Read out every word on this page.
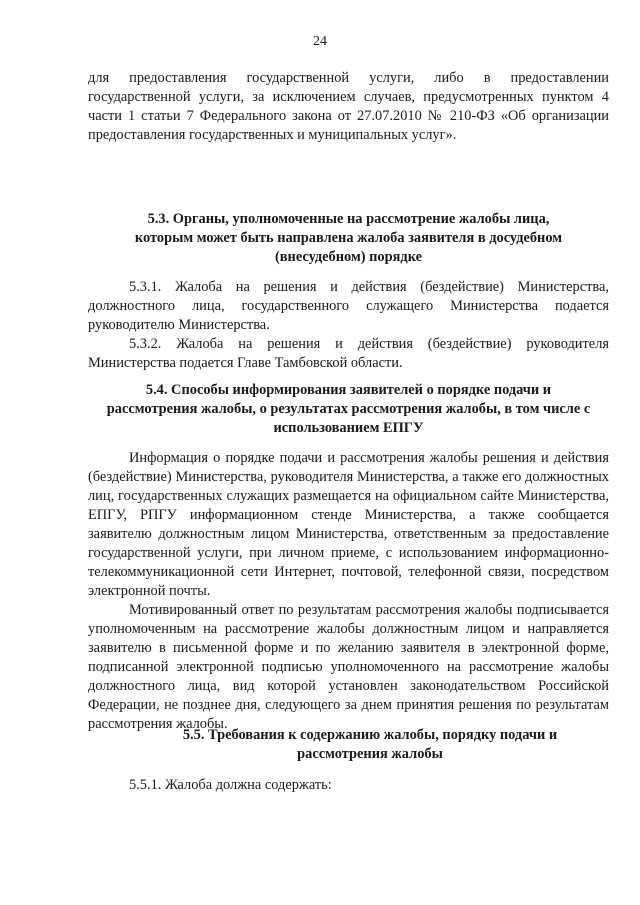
24

для предоставления государственной услуги, либо в предоставлении государственной услуги, за исключением случаев, предусмотренных пунктом 4 части 1 статьи 7 Федерального закона от 27.07.2010 № 210-ФЗ «Об организации предоставления государственных и муниципальных услуг».

5.3. Органы, уполномоченные на рассмотрение жалобы лица,
которым может быть направлена жалоба заявителя в досудебном
(внесудебном) порядке

5.3.1. Жалоба на решения и действия (бездействие) Министерства, должностного лица, государственного служащего Министерства подается руководителю Министерства.

5.3.2. Жалоба на решения и действия (бездействие) руководителя Министерства подается Главе Тамбовской области.

5.4. Способы информирования заявителей о порядке подачи и
рассмотрения жалобы, о результатах рассмотрения жалобы, в том числе с
использованием ЕПГУ

Информация о порядке подачи и рассмотрения жалобы решения и действия (бездействие) Министерства, руководителя Министерства, а также его должностных лиц, государственных служащих размещается на официальном сайте Министерства, ЕПГУ, РПГУ информационном стенде Министерства, а также сообщается заявителю должностным лицом Министерства, ответственным за предоставление государственной услуги, при личном приеме, с использованием информационно-телекоммуникационной сети Интернет, почтовой, телефонной связи, посредством электронной почты.

Мотивированный ответ по результатам рассмотрения жалобы подписывается уполномоченным на рассмотрение жалобы должностным лицом и направляется заявителю в письменной форме и по желанию заявителя в электронной форме, подписанной электронной подписью уполномоченного на рассмотрение жалобы должностного лица, вид которой установлен законодательством Российской Федерации, не позднее дня, следующего за днем принятия решения по результатам рассмотрения жалобы.

5.5. Требования к содержанию жалобы, порядку подачи и
рассмотрения жалобы

5.5.1. Жалоба должна содержать:
